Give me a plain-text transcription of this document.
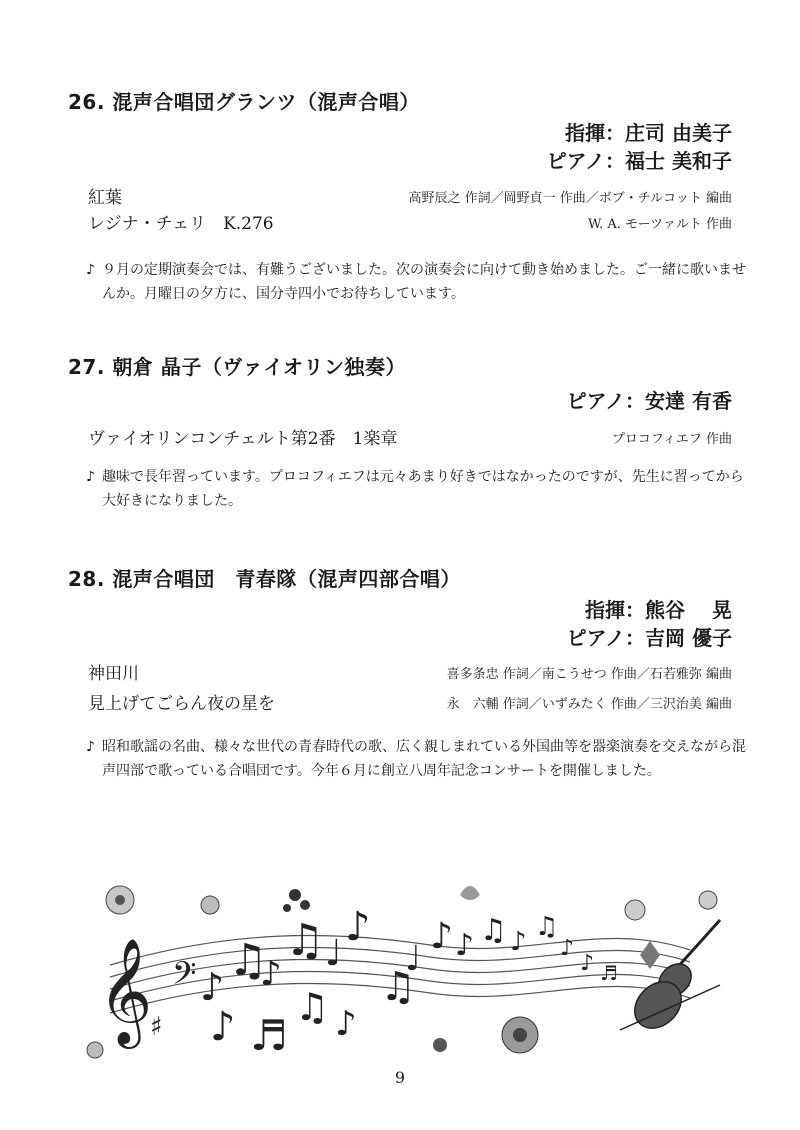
26. 混声合唱団グランツ（混声合唱）
指揮：庄司 由美子
ピアノ：福士 美和子
紅葉	高野辰之 作詞／岡野貞一 作曲／ボブ・チルコット 編曲
レジナ・チェリ　K.276	W. A. モーツァルト 作曲
♪ ９月の定期演奏会では、有難うございました。次の演奏会に向けて動き始めました。ご一緒に歌いませんか。月曜日の夕方に、国分寺四小でお待ちしています。
27. 朝倉 晶子（ヴァイオリン独奏）
ピアノ：安達 有香
ヴァイオリンコンチェルト第2番　1楽章	プロコフィエフ 作曲
♪ 趣味で長年習っています。プロコフィエフは元々あまり好きではなかったのですが、先生に習ってから大好きになりました。
28. 混声合唱団　青春隊（混声四部合唱）
指揮：熊谷　 晃
ピアノ：吉岡 優子
神田川	喜多条忠 作詞／南こうせつ 作曲／石若雅弥 編曲
見上げてごらん夜の星を	永　六輔 作詞／いずみたく 作曲／三沢治美 編曲
♪ 昭和歌謡の名曲、様々な世代の青春時代の歌、広く親しまれている外国曲等を器楽演奏を交えながら混声四部で歌っている合唱団です。今年６月に創立八周年記念コンサートを開催しました。
𝄞 𝄢
♯
♪
♫
♪
♫ ♩
♪
♪ ♬
♫ ♪
♫
♩
♪ ♪ ♫ ♪ ♫
♪
♪ ♬
9
